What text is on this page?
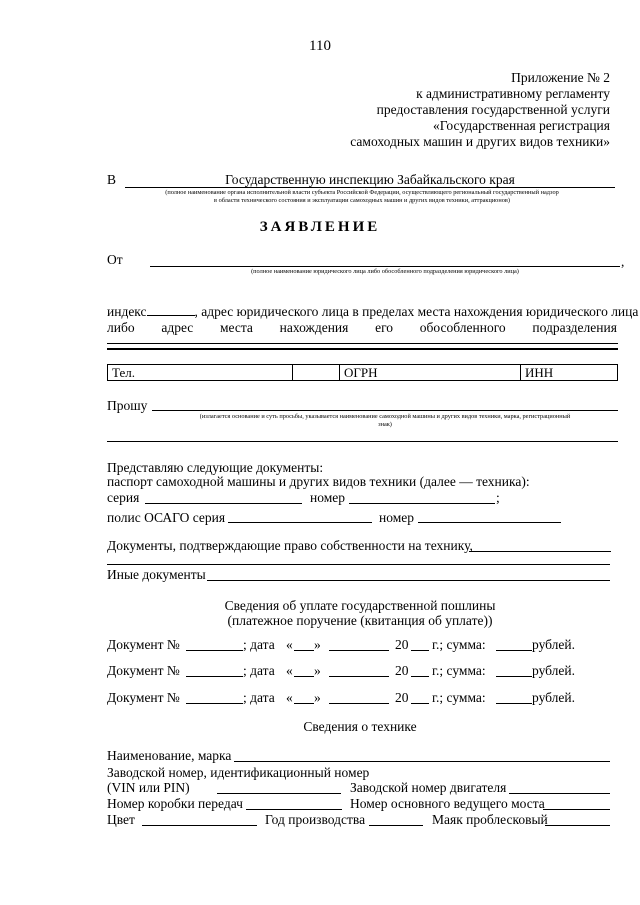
110
Приложение № 2
к административному регламенту
предоставления государственной услуги
«Государственная регистрация
самоходных машин и других видов техники»
В	Государственную инспекцию Забайкальского края
(полное наименование органа исполнительной власти субъекта Российской Федерации, осуществляющего региональный государственный надзор
в области технического состояния и эксплуатации самоходных машин и других видов техники, аттракционов)
ЗАЯВЛЕНИЕ
От	,
(полное наименование юридического лица либо обособленного подразделения юридического лица)
индекс	, адрес юридического лица в пределах места нахождения юридического лица
либо адрес места нахождения его обособленного подразделения
Тел.		ОГРН	ИНН
Прошу
(излагается основание и суть просьбы, указывается наименование самоходной машины и других видов техники, марка, регистрационный
знак)
Представляю следующие документы:
паспорт самоходной машины и других видов техники (далее — техника):
серия	номер	;
полис ОСАГО серия	номер
Документы, подтверждающие право собственности на технику,
Иные документы
Сведения об уплате государственной пошлины
(платежное поручение (квитанция об уплате))
Документ №	; дата « »	20 г.; сумма:	рублей.
Документ №	; дата « »	20 г.; сумма:	рублей.
Документ №	; дата « »	20 г.; сумма:	рублей.
Сведения о технике
Наименование, марка
Заводской номер, идентификационный номер
(VIN или PIN)	Заводской номер двигателя
Номер коробки передач	Номер основного ведущего моста
Цвет	Год производства	Маяк проблесковый
